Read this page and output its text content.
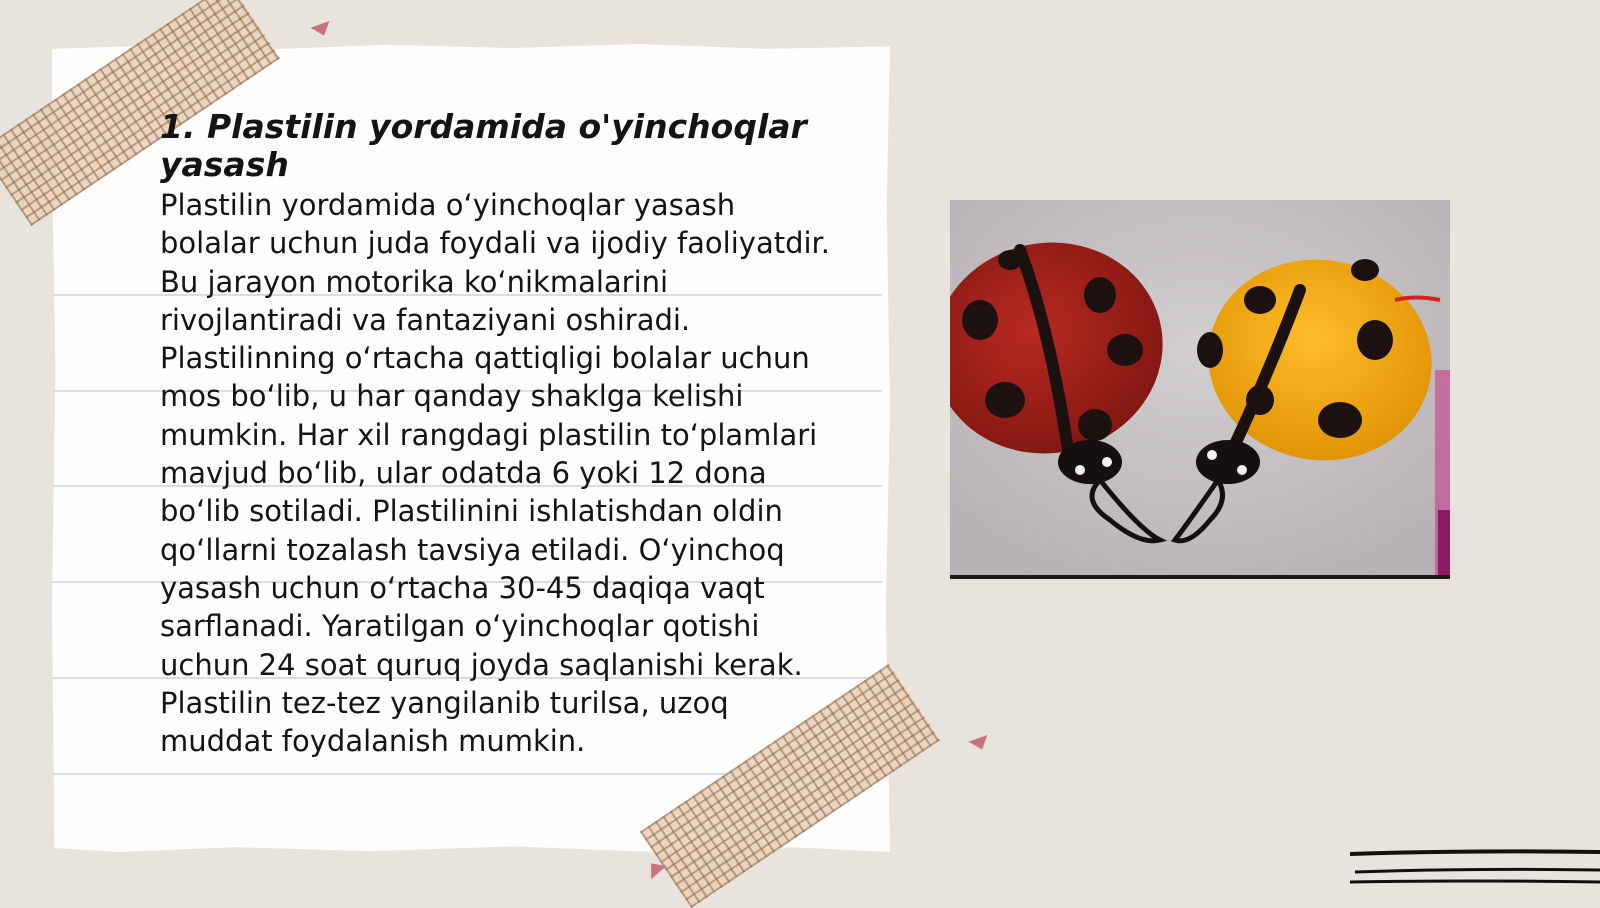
1. Plastilin yordamida o'yinchoqlar yasash

Plastilin yordamida oʻyinchoqlar yasash bolalar uchun juda foydali va ijodiy faoliyatdir. Bu jarayon motorika koʻnikmalarini rivojlantiradi va fantaziyani oshiradi. Plastilinning oʻrtacha qattiqligi bolalar uchun mos boʻlib, u har qanday shaklga kelishi mumkin. Har xil rangdagi plastilin toʻplamlari mavjud boʻlib, ular odatda 6 yoki 12 dona boʻlib sotiladi. Plastilinini ishlatishdan oldin qoʻllarni tozalash tavsiya etiladi. Oʻyinchoq yasash uchun oʻrtacha 30-45 daqiqa vaqt sarflanadi. Yaratilgan oʻyinchoqlar qotishi uchun 24 soat quruq joyda saqlanishi kerak. Plastilin tez-tez yangilanib turilsa, uzoq muddat foydalanish mumkin.
